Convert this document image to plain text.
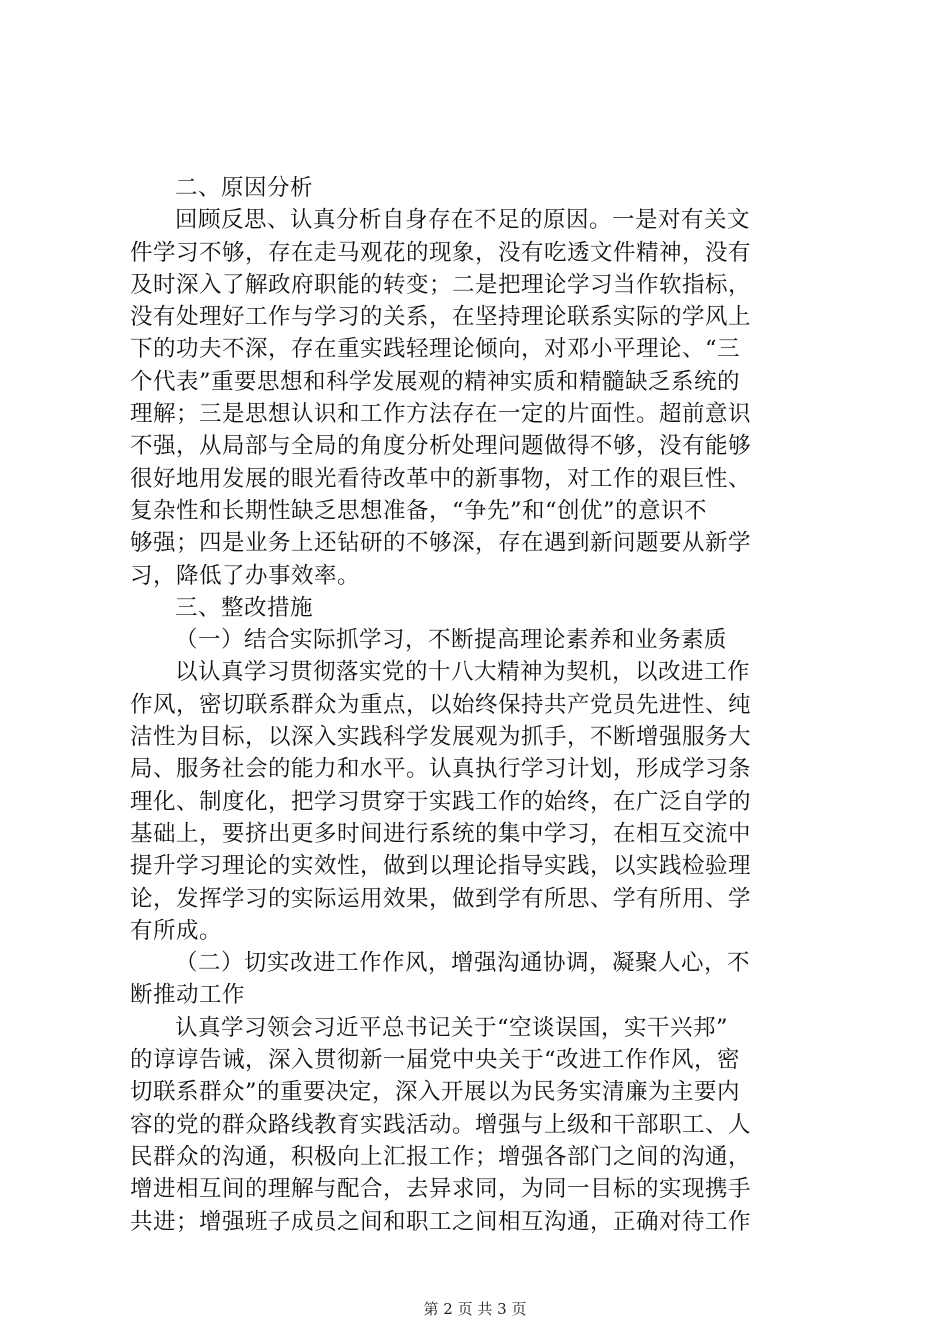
二、原因分析
回顾反思、认真分析自身存在不足的原因。一是对有关文
件学习不够，存在走马观花的现象，没有吃透文件精神，没有
及时深入了解政府职能的转变；二是把理论学习当作软指标，
没有处理好工作与学习的关系，在坚持理论联系实际的学风上
下的功夫不深，存在重实践轻理论倾向，对邓小平理论、“三
个代表”重要思想和科学发展观的精神实质和精髓缺乏系统的
理解；三是思想认识和工作方法存在一定的片面性。超前意识
不强，从局部与全局的角度分析处理问题做得不够，没有能够
很好地用发展的眼光看待改革中的新事物，对工作的艰巨性、
复杂性和长期性缺乏思想准备，“争先”和“创优”的意识不
够强；四是业务上还钻研的不够深，存在遇到新问题要从新学
习，降低了办事效率。
三、整改措施
（一）结合实际抓学习，不断提高理论素养和业务素质
以认真学习贯彻落实党的十八大精神为契机，以改进工作
作风，密切联系群众为重点，以始终保持共产党员先进性、纯
洁性为目标，以深入实践科学发展观为抓手，不断增强服务大
局、服务社会的能力和水平。认真执行学习计划，形成学习条
理化、制度化，把学习贯穿于实践工作的始终，在广泛自学的
基础上，要挤出更多时间进行系统的集中学习，在相互交流中
提升学习理论的实效性，做到以理论指导实践，以实践检验理
论，发挥学习的实际运用效果，做到学有所思、学有所用、学
有所成。
（二）切实改进工作作风，增强沟通协调，凝聚人心，不
断推动工作
认真学习领会习近平总书记关于“空谈误国，实干兴邦”
的谆谆告诫，深入贯彻新一届党中央关于“改进工作作风，密
切联系群众”的重要决定，深入开展以为民务实清廉为主要内
容的党的群众路线教育实践活动。增强与上级和干部职工、人
民群众的沟通，积极向上汇报工作；增强各部门之间的沟通，
增进相互间的理解与配合，去异求同，为同一目标的实现携手
共进；增强班子成员之间和职工之间相互沟通，正确对待工作
第 2 页 共 3 页
